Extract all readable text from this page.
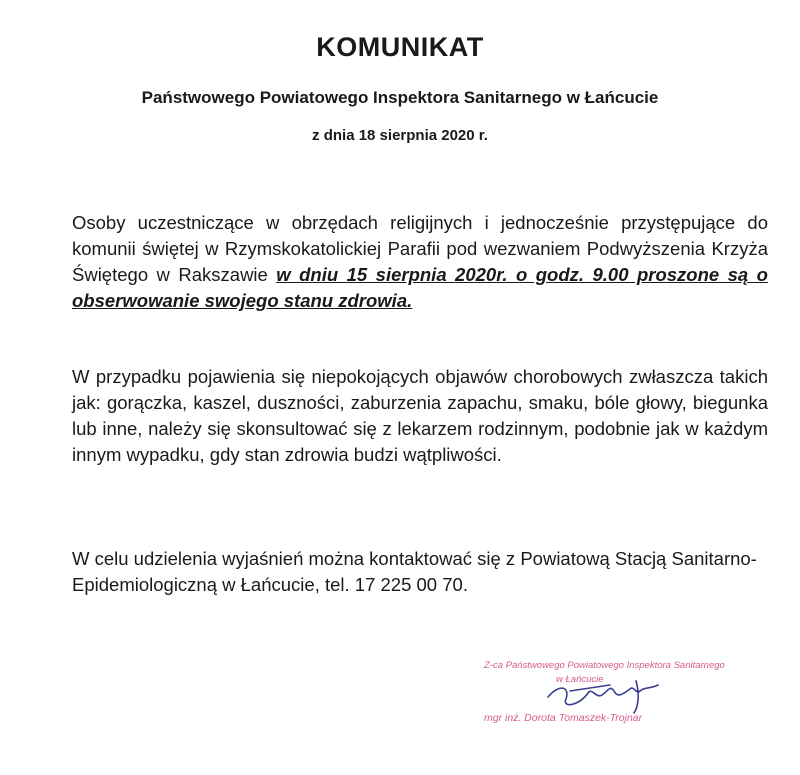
KOMUNIKAT
Państwowego Powiatowego Inspektora Sanitarnego w Łańcucie
z dnia 18 sierpnia 2020 r.
Osoby uczestniczące w obrzędach religijnych i jednocześnie przystępujące do komunii świętej w Rzymskokatolickiej Parafii pod wezwaniem Podwyższenia Krzyża Świętego w Rakszawie w dniu 15 sierpnia 2020r. o godz. 9.00 proszone są o obserwowanie swojego stanu zdrowia.
W przypadku pojawienia się niepokojących objawów chorobowych zwłaszcza takich jak: gorączka, kaszel, duszności, zaburzenia zapachu, smaku, bóle głowy, biegunka lub inne, należy się skonsultować się z lekarzem rodzinnym, podobnie jak w każdym innym wypadku, gdy stan zdrowia budzi wątpliwości.
W celu udzielenia wyjaśnień można kontaktować się z Powiatową Stacją Sanitarno-Epidemiologiczną w Łańcucie, tel. 17 225 00 70.
Z-ca Państwowego Powiatowego Inspektora Sanitarnego
w Łańcucie
mgr inż. Dorota Tomaszek-Trojnar
